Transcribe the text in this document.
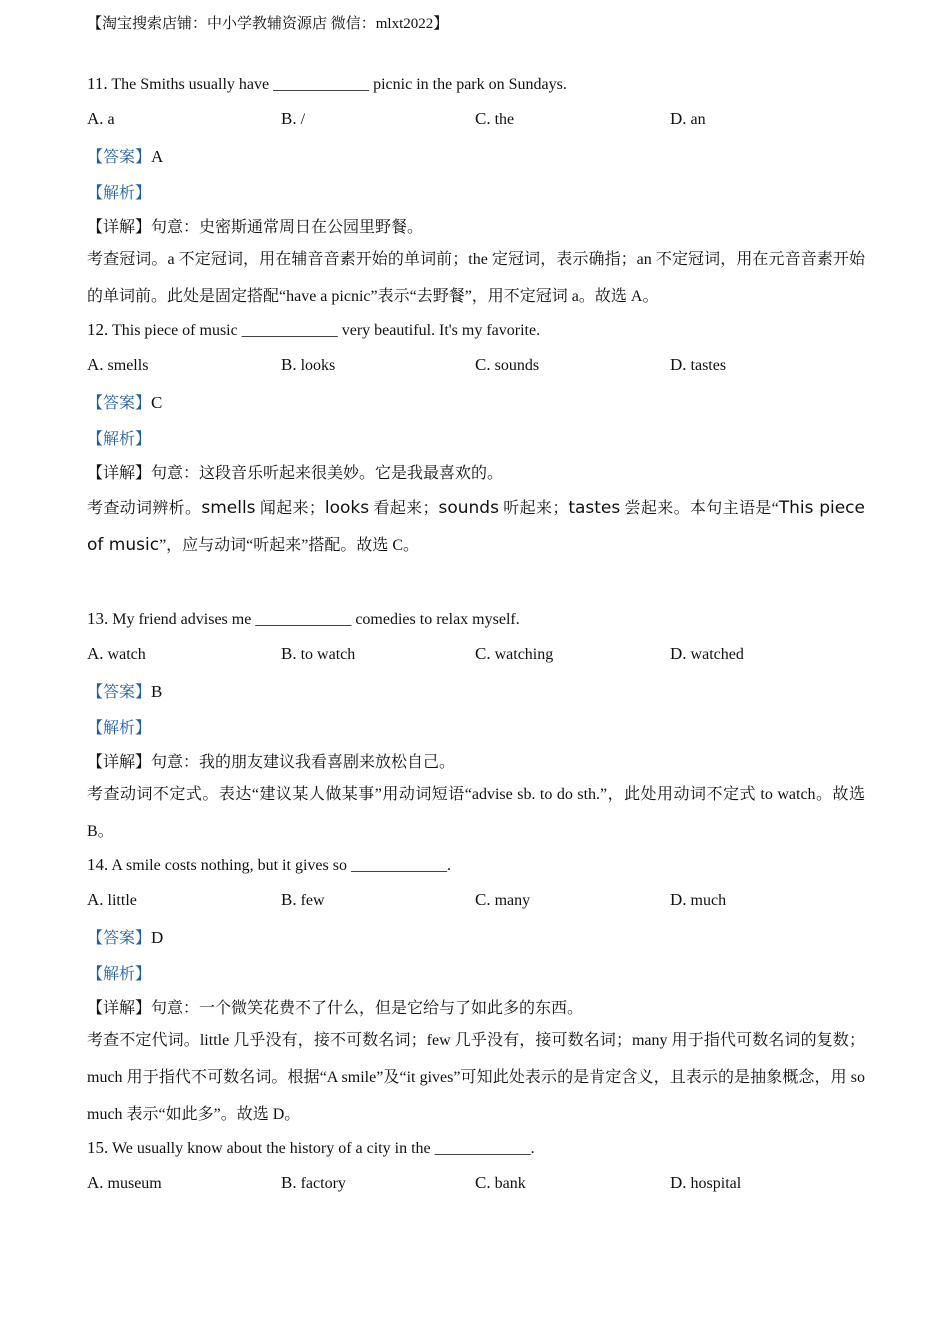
【淘宝搜索店铺：中小学教辅资源店 微信：mlxt2022】
11. The Smiths usually have ____________ picnic in the park on Sundays.
A. a	B. /	C. the	D. an
【答案】A
【解析】
【详解】句意：史密斯通常周日在公园里野餐。
考查冠词。a 不定冠词，用在辅音音素开始的单词前；the 定冠词，表示确指；an 不定冠词，用在元音音素开始的单词前。此处是固定搭配“have a picnic”表示“去野餐”，用不定冠词 a。故选 A。
12. This piece of music ____________ very beautiful. It's my favorite.
A. smells	B. looks	C. sounds	D. tastes
【答案】C
【解析】
【详解】句意：这段音乐听起来很美妙。它是我最喜欢的。
考查动词辨析。smells 闻起来；looks 看起来；sounds 听起来；tastes 尝起来。本句主语是“This piece of music”，应与动词“听起来”搭配。故选 C。
13. My friend advises me ____________ comedies to relax myself.
A. watch	B. to watch	C. watching	D. watched
【答案】B
【解析】
【详解】句意：我的朋友建议我看喜剧来放松自己。
考查动词不定式。表达“建议某人做某事”用动词短语“advise sb. to do sth.”，此处用动词不定式 to watch。故选 B。
14. A smile costs nothing, but it gives so ____________.
A. little	B. few	C. many	D. much
【答案】D
【解析】
【详解】句意：一个微笑花费不了什么，但是它给与了如此多的东西。
考查不定代词。little 几乎没有，接不可数名词；few 几乎没有，接可数名词；many 用于指代可数名词的复数；much 用于指代不可数名词。根据“A smile”及“it gives”可知此处表示的是肯定含义，且表示的是抽象概念，用 so much 表示“如此多”。故选 D。
15. We usually know about the history of a city in the ____________.
A. museum	B. factory	C. bank	D. hospital
